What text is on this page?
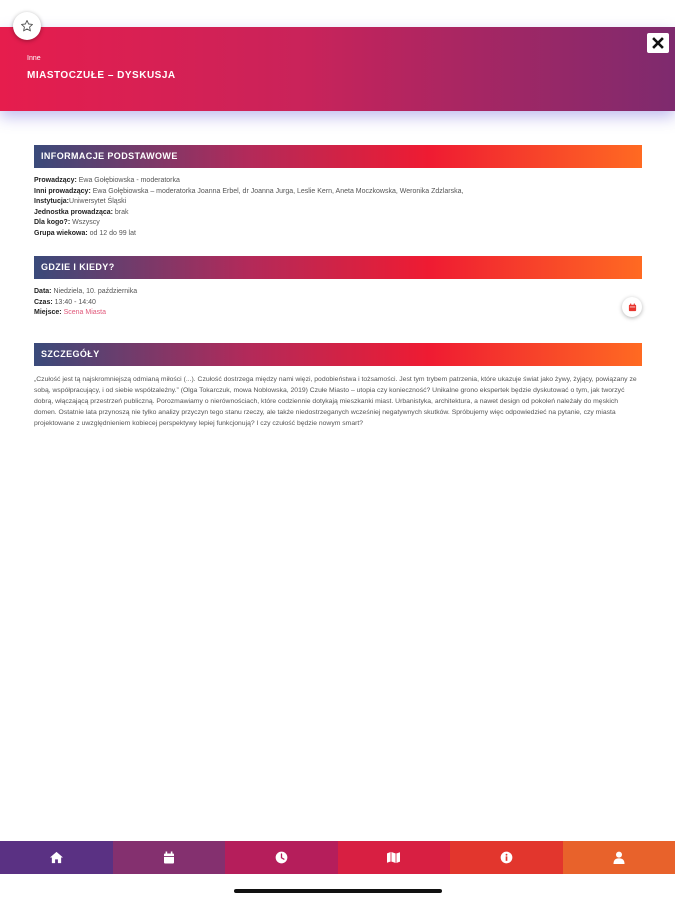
Inne
MIASTOCZUŁE – DYSKUSJA
INFORMACJE PODSTAWOWE
Prowadzący: Ewa Gołębiowska - moderatorka
Inni prowadzący: Ewa Gołębiowska – moderatorka Joanna Erbel, dr Joanna Jurga, Leslie Kern, Aneta Moczkowska, Weronika Zdzlarska,
Instytucja:Uniwersytet Śląski
Jednostka prowadząca: brak
Dla kogo?: Wszyscy
Grupa wiekowa: od 12 do 99 lat
GDZIE I KIEDY?
Data: Niedziela, 10. października
Czas: 13:40 - 14:40
Miejsce: Scena Miasta
SZCZEGÓŁY
„Czułość jest tą najskromniejszą odmianą miłości (...). Czułość dostrzega między nami więzi, podobieństwa i tożsamości. Jest tym trybem patrzenia, które ukazuje świat jako żywy, żyjący, powiązany ze sobą, współpracujący, i od siebie współzależny.” (Olga Tokarczuk, mowa Noblowska, 2019) Czułe Miasto – utopia czy konieczność? Unikalne grono ekspertek będzie dyskutować o tym, jak tworzyć dobrą, włączającą przestrzeń publiczną. Porozmawiamy o nierównościach, które codziennie dotykają mieszkanki miast. Urbanistyka, architektura, a nawet design od pokoleń należały do męskich domen. Ostatnie lata przynoszą nie tylko analizy przyczyn tego stanu rzeczy, ale także niedostrzeganych wcześniej negatywnych skutków. Spróbujemy więc odpowiedzieć na pytanie, czy miasta projektowane z uwzględnieniem kobiecej perspektywy lepiej funkcjonują? I czy czułość będzie nowym smart?
